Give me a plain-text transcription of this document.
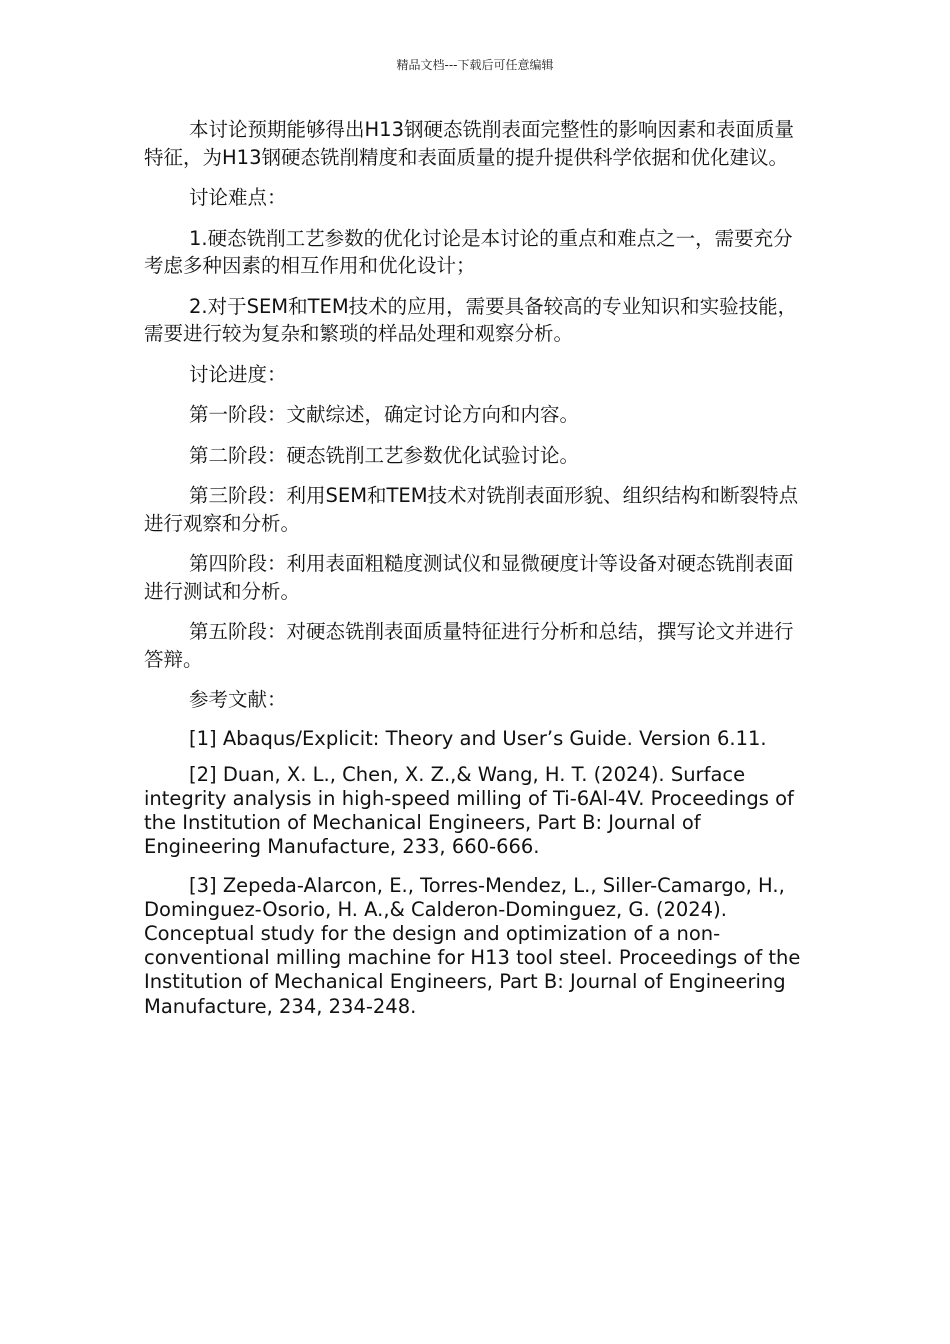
精品文档---下载后可任意编辑

本讨论预期能够得出H13钢硬态铣削表面完整性的影响因素和表面质量特征，为H13钢硬态铣削精度和表面质量的提升提供科学依据和优化建议。

讨论难点：

1.硬态铣削工艺参数的优化讨论是本讨论的重点和难点之一，需要充分考虑多种因素的相互作用和优化设计；

2.对于SEM和TEM技术的应用，需要具备较高的专业知识和实验技能，需要进行较为复杂和繁琐的样品处理和观察分析。

讨论进度：

第一阶段：文献综述，确定讨论方向和内容。

第二阶段：硬态铣削工艺参数优化试验讨论。

第三阶段：利用SEM和TEM技术对铣削表面形貌、组织结构和断裂特点进行观察和分析。

第四阶段：利用表面粗糙度测试仪和显微硬度计等设备对硬态铣削表面进行测试和分析。

第五阶段：对硬态铣削表面质量特征进行分析和总结，撰写论文并进行答辩。

参考文献：

[1] Abaqus/Explicit: Theory and User’s Guide. Version 6.11.

[2] Duan, X. L., Chen, X. Z.,& Wang, H. T. (2024). Surface integrity analysis in high-speed milling of Ti-6Al-4V. Proceedings of the Institution of Mechanical Engineers, Part B: Journal of Engineering Manufacture, 233, 660-666.

[3] Zepeda-Alarcon, E., Torres-Mendez, L., Siller-Camargo, H., Dominguez-Osorio, H. A.,& Calderon-Dominguez, G. (2024). Conceptual study for the design and optimization of a non-conventional milling machine for H13 tool steel. Proceedings of the Institution of Mechanical Engineers, Part B: Journal of Engineering Manufacture, 234, 234-248.
